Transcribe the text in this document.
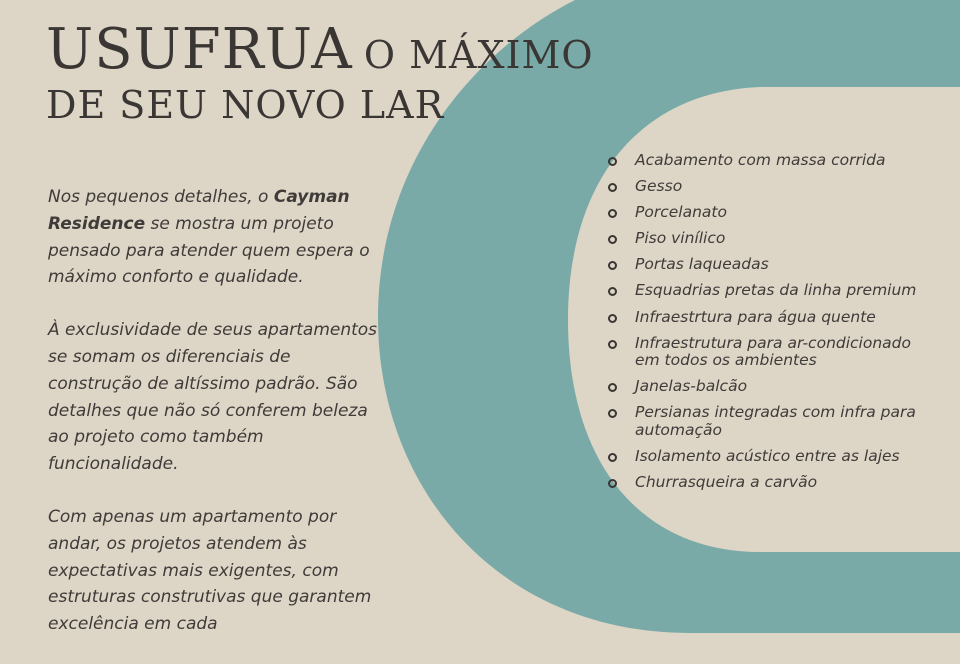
USUFRUA O MÁXIMO
DE SEU NOVO LAR

Nos pequenos detalhes, o Cayman Residence se mostra um projeto pensado para atender quem espera o máximo conforto e qualidade.

À exclusividade de seus apartamentos se somam os diferenciais de construção de altíssimo padrão. São detalhes que não só conferem beleza ao projeto como também funcionalidade.

Com apenas um apartamento por andar, os projetos atendem às expectativas mais exigentes, com estruturas construtivas que garantem excelência em cada

Acabamento com massa corrida
Gesso
Porcelanato
Piso vinílico
Portas laqueadas
Esquadrias pretas da linha premium
Infraestrtura para água quente
Infraestrutura para ar-condicionado em todos os ambientes
Janelas-balcão
Persianas integradas com infra para automação
Isolamento acústico entre as lajes
Churrasqueira a carvão
